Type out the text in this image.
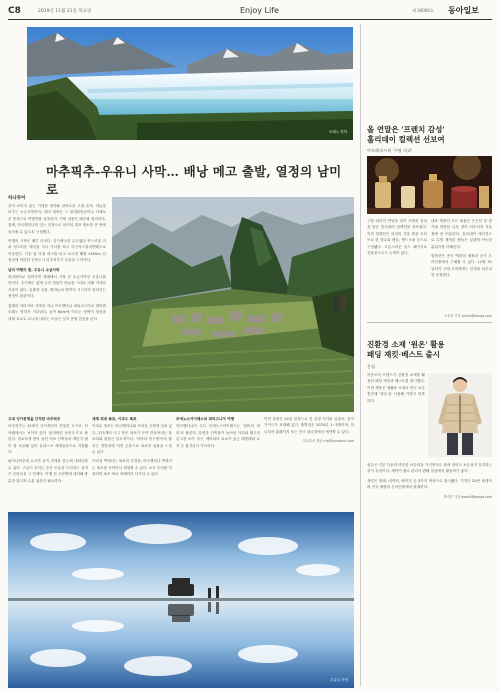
C8	2019년 11월 21일 목요일	Enjoy Life	제 30000호 동아일보
모레노 빙하
마추픽추-우유니 사막… 배낭 메고 출발, 열정의 남미로
하나투어

끝이 보이지 않는 거대한 빙하와 신비로운 고대 유적, 하늘을 비추는 소금사막까지. 남미 대륙은 그 광대함만큼이나 다채로운 풍경으로 여행자를 유혹한다. 이번 상품은 페루와 볼리비아, 칠레, 아르헨티나를 잇는 일정으로 남미의 대표 명소를 한 번에 둘러볼 수 있도록 구성했다.

여행의 시작은 페루 리마다. 잉카제국의 수도였던 쿠스코를 거쳐 성스러운 계곡을 지나 기차를 타고 아구아스칼리엔테스로 이동한다. 다음 날 아침 버스를 타고 오르면 해발 2400m 산 정상에 자리한 공중도시 마추픽추가 모습을 드러낸다.

남미 여행의 꽃, 우유니 소금사막

볼리비아로 넘어가면 세계에서 가장 큰 소금사막인 우유니를 만난다. 우기에는 얇게 고인 빗물이 하늘을 그대로 비춰 거대한 거울이 된다. 일출과 일몰, 밤하늘의 별까지 시시각각 달라지는 풍경이 장관이다.

칠레의 아타카마 사막을 지나 아르헨티나 파타고니아로 향하면 모레노 빙하가 기다린다. 높이 60m에 이르는 빙벽이 굉음을 내며 호수로 무너져 내리는 모습은 잊지 못할 감동을 준다.

우유니 사막

고대 잉카문명을 간직한 마추픽추

마추픽추는 15세기 잉카제국이 건설한 도시로, 산 아래에서는 보이지 않아 '잃어버린 공중도시'로 불린다. 정교하게 쌓아 올린 석조 건축물과 계단식 밭이 잘 보존돼 있어 유네스코 세계유산으로 지정됐다.

와이나픽추에 오르면 유적 전체를 한눈에 내려다볼 수 있다. 구름이 걷히는 순간 모습을 드러내는 유적은 신비로움 그 자체다. 여행 전 고산병에 대비해 충분한 휴식과 수분 섭취가 필요하다.

세계 최대 폭포, 이과수 폭포

이과수 폭포는 아르헨티나와 브라질 국경에 걸쳐 있다. 275개의 크고 작은 폭포가 모여 만들어내는 물보라와 굉음은 압도적이다. '악마의 목구멍'이라 불리는 전망대에 서면 온몸으로 폭포의 위용을 느낄 수 있다.

브라질 쪽에서는 폭포의 전경을, 아르헨티나 쪽에서는 폭포를 가까이서 체험할 수 있다. 보트 투어를 이용하면 폭포 바로 아래까지 다가갈 수 있다.

부에노스아이레스와 파타고니아 여행

아르헨티나의 수도 부에노스아이레스는 '남미의 파리'로 불린다. 유럽풍 건축물이 늘어선 거리와 탱고의 본고장 보카 지구, 에비타의 묘소가 있는 레콜레타 묘지 등 볼거리가 가득하다.

이번 상품은 24일 일정으로 전 일정 식사와 입장료, 현지 가이드가 포함돼 있다. 출발일은 2020년 1~3월이며, 하나투어 홈페이지 또는 전국 대리점에서 예약할 수 있다.

하나투어 제공 trip@hanatour.com

올 연말은 '프렌치 감성'
홀리데이 컬렉션 선보여
아모레퍼시픽 '구딸 파리'

구딸 파리가 연말을 맞아 프렌치 감성을 담은 홀리데이 컬렉션을 선보였다. 이번 컬렉션은 파리의 겨울 밤을 모티브로 한 향수와 캔들, 핸드크림 등으로 구성됐다. 고급스러운 골드 패키지로 선물용으로도 손색이 없다.

대표 제품인 오드 퍼퓸은 은은한 꽃 향기와 따뜻한 나무 향이 어우러져 겨울철에 잘 어울린다. 홀리데이 에디션으로 특별 제작된 캔들은 실내에 아늑한 분위기를 더해준다.

컬렉션은 전국 백화점 매장과 공식 온라인몰에서 구매할 수 있다. 12월 31일까지 구매 고객에게는 한정판 파우치를 증정한다.

조윤경 기자 ykcho@donga.com
진환경 소재 '원온' 활용
패딩 재킷·베스트 출시
몽칩

아웃도어 브랜드가 친환경 소재를 활용한 패딩 재킷과 베스트를 출시했다. 이번 제품은 재활용 소재로 만든 보온 충전재 '원온'을 사용해 가볍고 따뜻하다.

원온은 기존 다운과 비슷한 보온력을 가지면서도 물에 젖어도 보온성이 유지되는 것이 특징이다. 세탁이 쉽고 관리가 편해 일상에서 활용하기 좋다.

재킷은 블랙, 네이비, 베이지 등 3가지 색상으로 출시됐다. 가격은 20만 원대이며 전국 매장과 온라인몰에서 판매한다.

박지민 기자 jepark@donga.com
